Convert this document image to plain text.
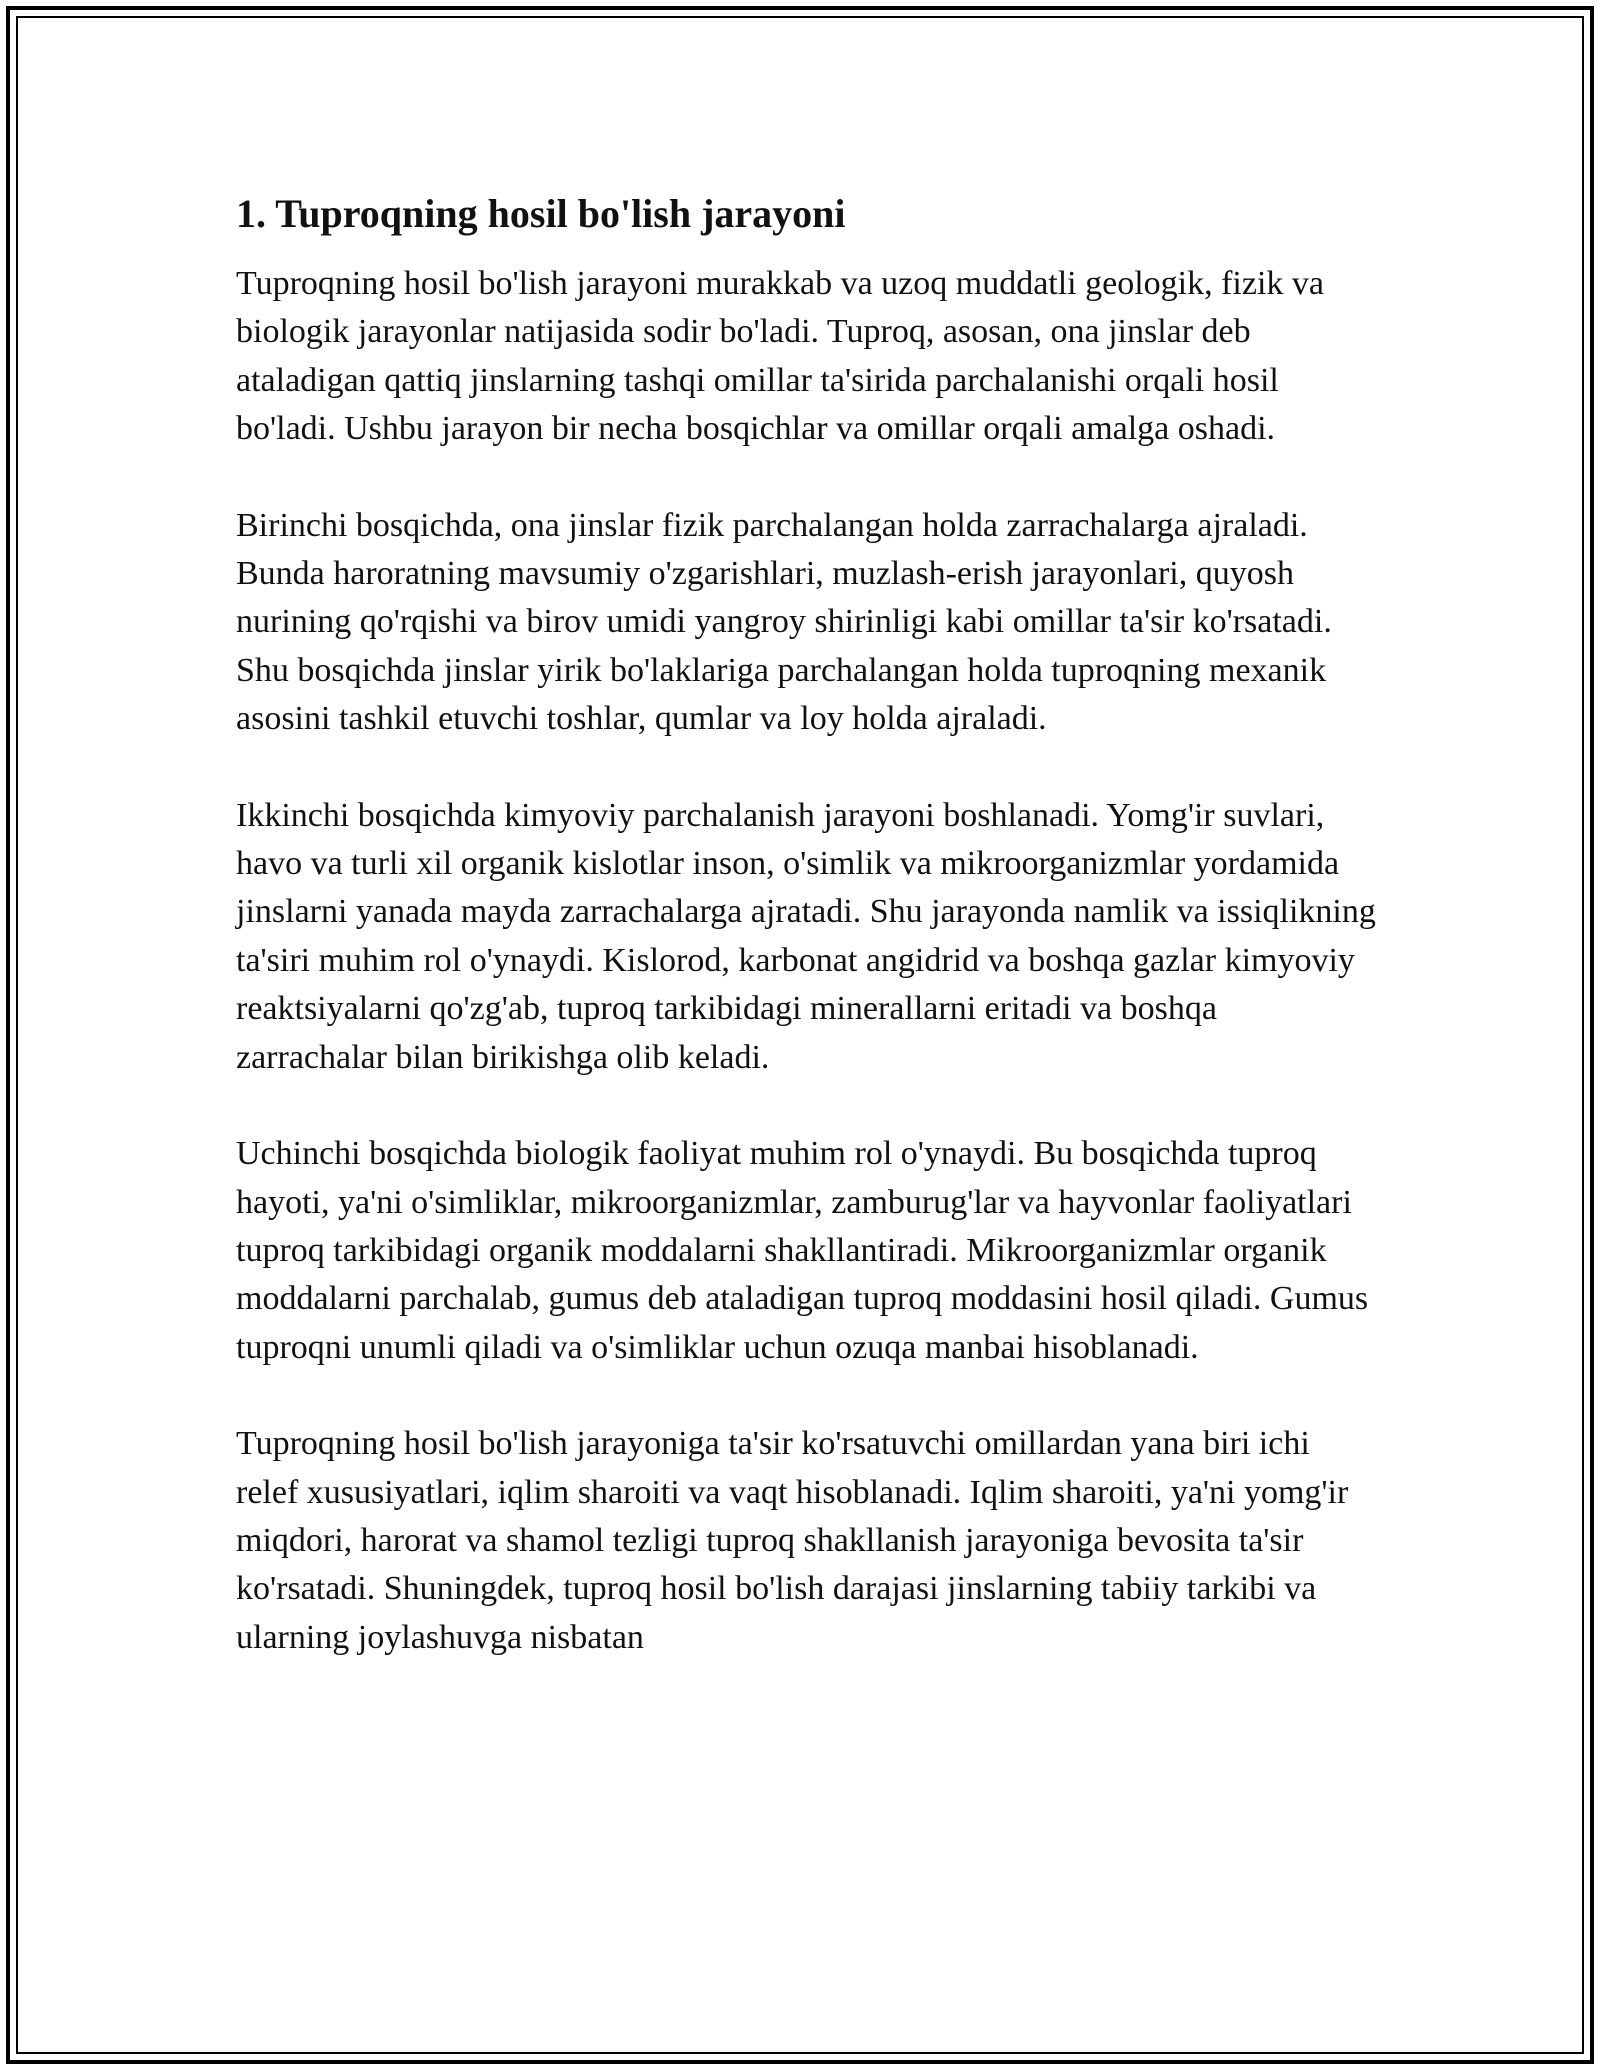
1. Tuproqning hosil bo'lish jarayoni

Tuproqning hosil bo'lish jarayoni murakkab va uzoq muddatli geologik, fizik va biologik jarayonlar natijasida sodir bo'ladi. Tuproq, asosan, ona jinslar deb ataladigan qattiq jinslarning tashqi omillar ta'sirida parchalanishi orqali hosil bo'ladi. Ushbu jarayon bir necha bosqichlar va omillar orqali amalga oshadi.

Birinchi bosqichda, ona jinslar fizik parchalangan holda zarrachalarga ajraladi. Bunda haroratning mavsumiy o'zgarishlari, muzlash-erish jarayonlari, quyosh nurining qo'rqishi va birov umidi yangroy shirinligi kabi omillar ta'sir ko'rsatadi. Shu bosqichda jinslar yirik bo'laklariga parchalangan holda tuproqning mexanik asosini tashkil etuvchi toshlar, qumlar va loy holda ajraladi.

Ikkinchi bosqichda kimyoviy parchalanish jarayoni boshlanadi. Yomg'ir suvlari, havo va turli xil organik kislotlar inson, o'simlik va mikroorganizmlar yordamida jinslarni yanada mayda zarrachalarga ajratadi. Shu jarayonda namlik va issiqlikning ta'siri muhim rol o'ynaydi. Kislorod, karbonat angidrid va boshqa gazlar kimyoviy reaktsiyalarni qo'zg'ab, tuproq tarkibidagi minerallarni eritadi va boshqa zarrachalar bilan birikishga olib keladi.

Uchinchi bosqichda biologik faoliyat muhim rol o'ynaydi. Bu bosqichda tuproq hayoti, ya'ni o'simliklar, mikroorganizmlar, zamburug'lar va hayvonlar faoliyatlari tuproq tarkibidagi organik moddalarni shakllantiradi. Mikroorganizmlar organik moddalarni parchalab, gumus deb ataladigan tuproq moddasini hosil qiladi. Gumus tuproqni unumli qiladi va o'simliklar uchun ozuqa manbai hisoblanadi.

Tuproqning hosil bo'lish jarayoniga ta'sir ko'rsatuvchi omillardan yana biri ichi relef xususiyatlari, iqlim sharoiti va vaqt hisoblanadi. Iqlim sharoiti, ya'ni yomg'ir miqdori, harorat va shamol tezligi tuproq shakllanish jarayoniga bevosita ta'sir ko'rsatadi. Shuningdek, tuproq hosil bo'lish darajasi jinslarning tabiiy tarkibi va ularning joylashuvga nisbatan
